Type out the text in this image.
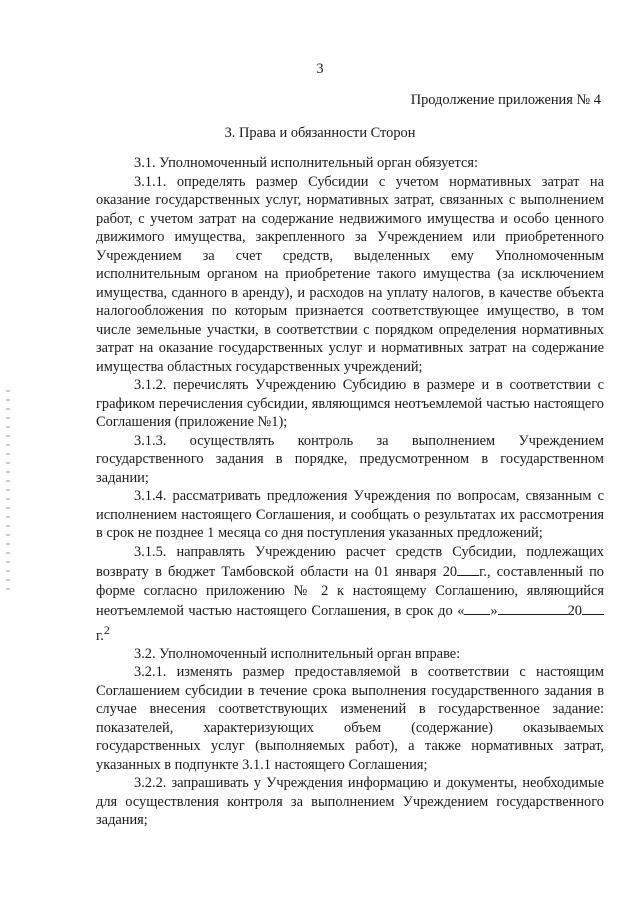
3
Продолжение приложения № 4
3. Права и обязанности Сторон

3.1. Уполномоченный исполнительный орган обязуется:

3.1.1. определять размер Субсидии с учетом нормативных затрат на оказание государственных услуг, нормативных затрат, связанных с выполнением работ, с учетом затрат на содержание недвижимого имущества и особо ценного движимого имущества, закрепленного за Учреждением или приобретенного Учреждением за счет средств, выделенных ему Уполномоченным исполнительным органом на приобретение такого имущества (за исключением имущества, сданного в аренду), и расходов на уплату налогов, в качестве объекта налогообложения по которым признается соответствующее имущество, в том числе земельные участки, в соответствии с порядком определения нормативных затрат на оказание государственных услуг и нормативных затрат на содержание имущества областных государственных учреждений;

3.1.2. перечислять Учреждению Субсидию в размере и в соответствии с графиком перечисления субсидии, являющимся неотъемлемой частью настоящего Соглашения (приложение №1);

3.1.3. осуществлять контроль за выполнением Учреждением государственного задания в порядке, предусмотренном в государственном задании;

3.1.4. рассматривать предложения Учреждения по вопросам, связанным с исполнением настоящего Соглашения, и сообщать о результатах их рассмотрения в срок не позднее 1 месяца со дня поступления указанных предложений;

3.1.5. направлять Учреждению расчет средств Субсидии, подлежащих возврату в бюджет Тамбовской области на 01 января 20 г., составленный по форме согласно приложению № 2 к настоящему Соглашению, являющийся неотъемлемой частью настоящего Соглашения, в срок до « »	20г.$^2$

3.2. Уполномоченный исполнительный орган вправе:

3.2.1. изменять размер предоставляемой в соответствии с настоящим Соглашением субсидии в течение срока выполнения государственного задания в случае внесения соответствующих изменений в государственное задание: показателей, характеризующих объем (содержание) оказываемых государственных услуг (выполняемых работ), а также нормативных затрат, указанных в подпункте 3.1.1 настоящего Соглашения;

3.2.2. запрашивать у Учреждения информацию и документы, необходимые для осуществления контроля за выполнением Учреждением государственного задания;
